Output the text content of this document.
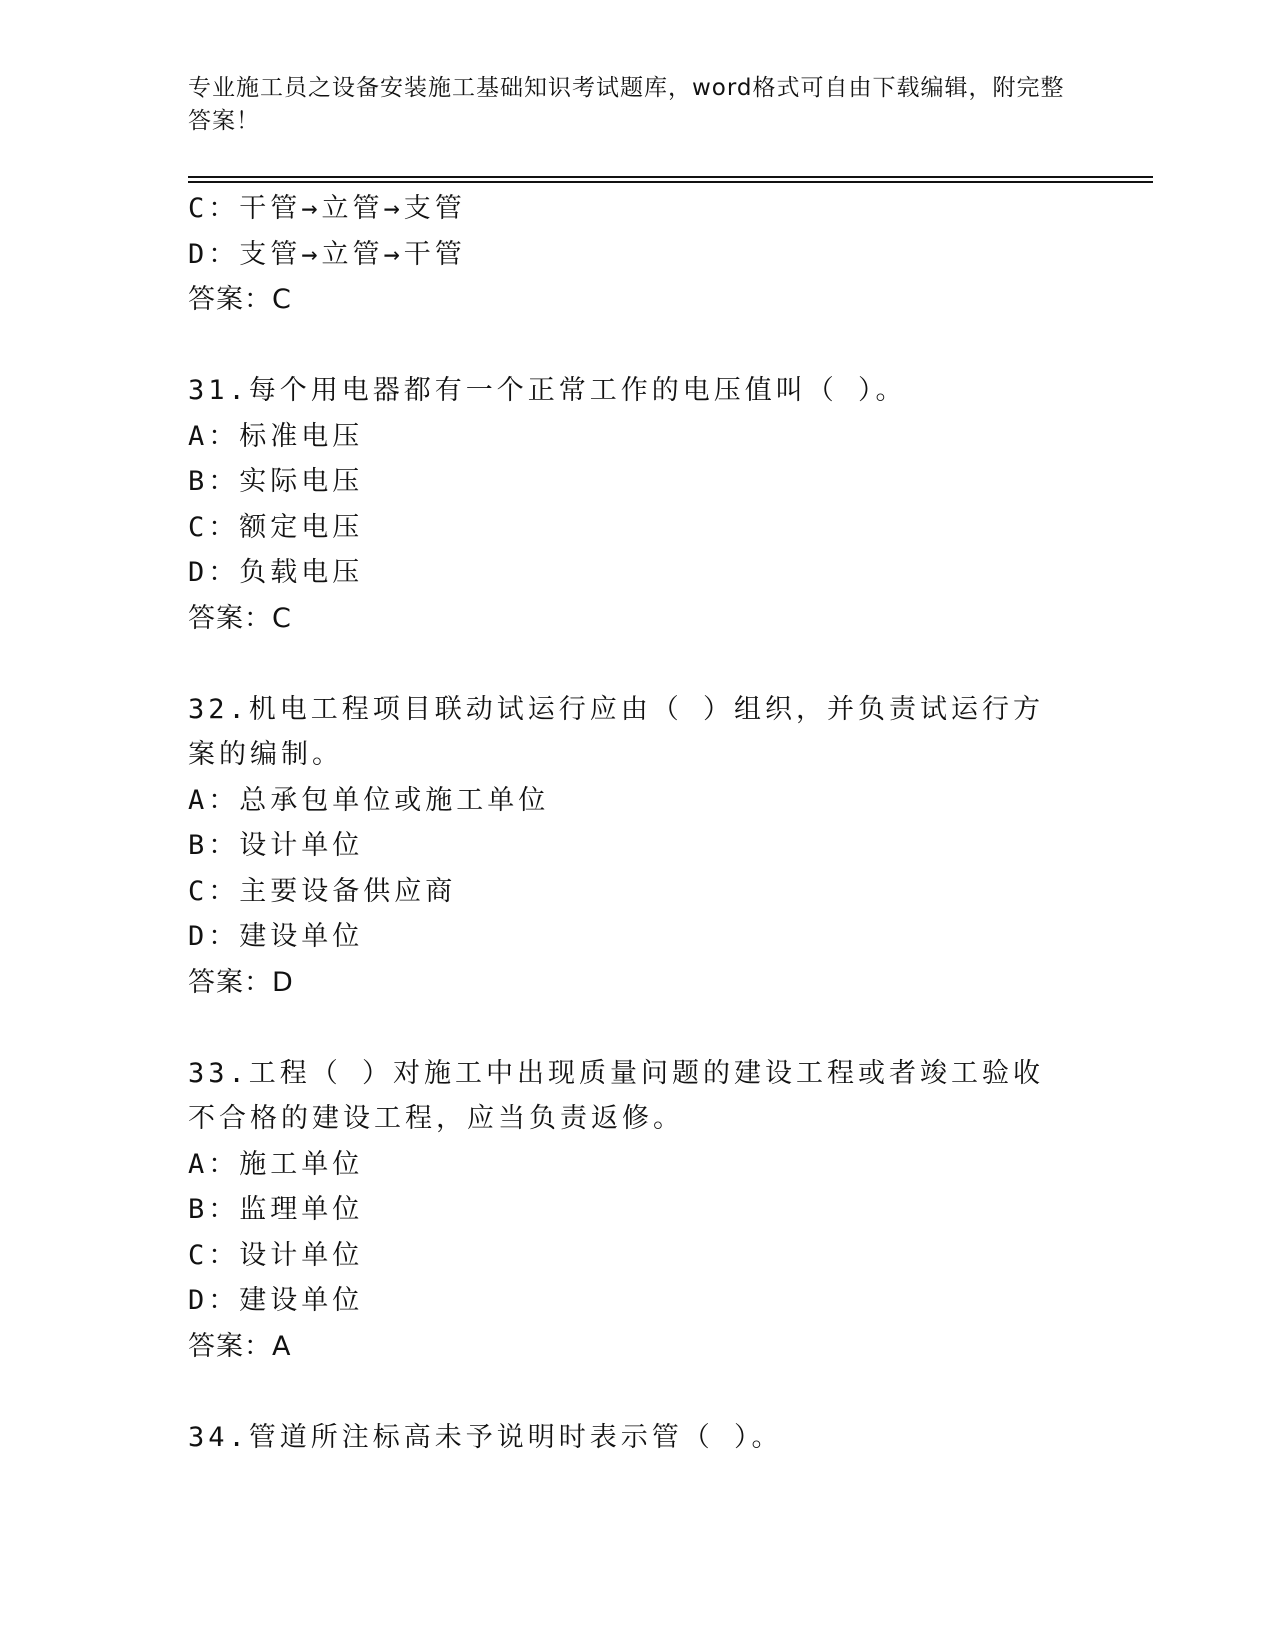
专业施工员之设备安装施工基础知识考试题库，word格式可自由下载编辑，附完整答案！
C：干管→立管→支管
D：支管→立管→干管
答案：C
31.每个用电器都有一个正常工作的电压值叫（ ）。
A：标准电压
B：实际电压
C：额定电压
D：负载电压
答案：C
32.机电工程项目联动试运行应由（ ）组织，并负责试运行方案的编制。
A：总承包单位或施工单位
B：设计单位
C：主要设备供应商
D：建设单位
答案：D
33.工程（ ）对施工中出现质量问题的建设工程或者竣工验收不合格的建设工程，应当负责返修。
A：施工单位
B：监理单位
C：设计单位
D：建设单位
答案：A
34.管道所注标高未予说明时表示管（ ）。
